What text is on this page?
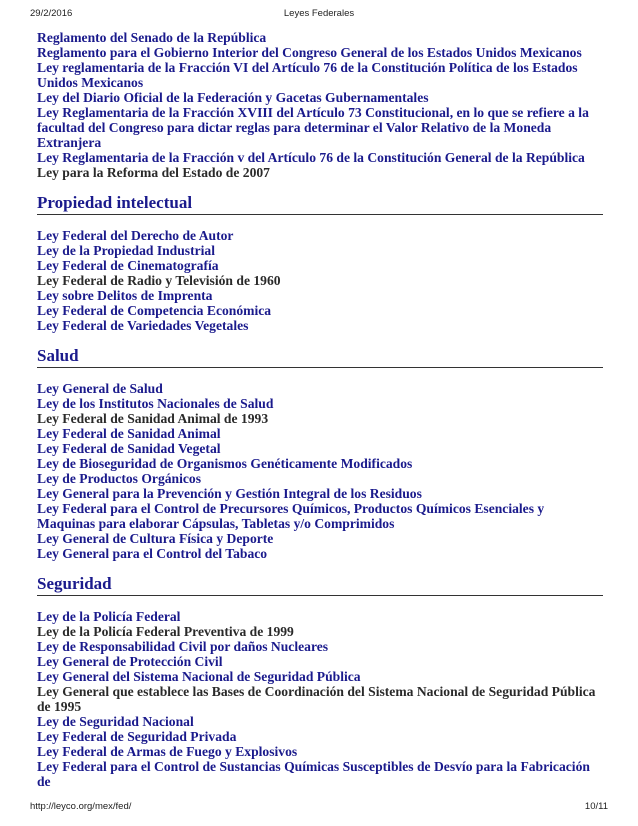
29/2/2016	Leyes Federales
Reglamento del Senado de la República
Reglamento para el Gobierno Interior del Congreso General de los Estados Unidos Mexicanos
Ley reglamentaria de la Fracción VI del Artículo 76 de la Constitución Política de los Estados Unidos Mexicanos
Ley del Diario Oficial de la Federación y Gacetas Gubernamentales
Ley Reglamentaria de la Fracción XVIII del Artículo 73 Constitucional, en lo que se refiere a la facultad del Congreso para dictar reglas para determinar el Valor Relativo de la Moneda Extranjera
Ley Reglamentaria de la Fracción v del Artículo 76 de la Constitución General de la República
Ley para la Reforma del Estado de 2007
Propiedad intelectual
Ley Federal del Derecho de Autor
Ley de la Propiedad Industrial
Ley Federal de Cinematografía
Ley Federal de Radio y Televisión de 1960
Ley sobre Delitos de Imprenta
Ley Federal de Competencia Económica
Ley Federal de Variedades Vegetales
Salud
Ley General de Salud
Ley de los Institutos Nacionales de Salud
Ley Federal de Sanidad Animal de 1993
Ley Federal de Sanidad Animal
Ley Federal de Sanidad Vegetal
Ley de Bioseguridad de Organismos Genéticamente Modificados
Ley de Productos Orgánicos
Ley General para la Prevención y Gestión Integral de los Residuos
Ley Federal para el Control de Precursores Químicos, Productos Químicos Esenciales y Maquinas para elaborar Cápsulas, Tabletas y/o Comprimidos
Ley General de Cultura Física y Deporte
Ley General para el Control del Tabaco
Seguridad
Ley de la Policía Federal
Ley de la Policía Federal Preventiva de 1999
Ley de Responsabilidad Civil por daños Nucleares
Ley General de Protección Civil
Ley General del Sistema Nacional de Seguridad Pública
Ley General que establece las Bases de Coordinación del Sistema Nacional de Seguridad Pública de 1995
Ley de Seguridad Nacional
Ley Federal de Seguridad Privada
Ley Federal de Armas de Fuego y Explosivos
Ley Federal para el Control de Sustancias Químicas Susceptibles de Desvío para la Fabricación de
http://leyco.org/mex/fed/	10/11
